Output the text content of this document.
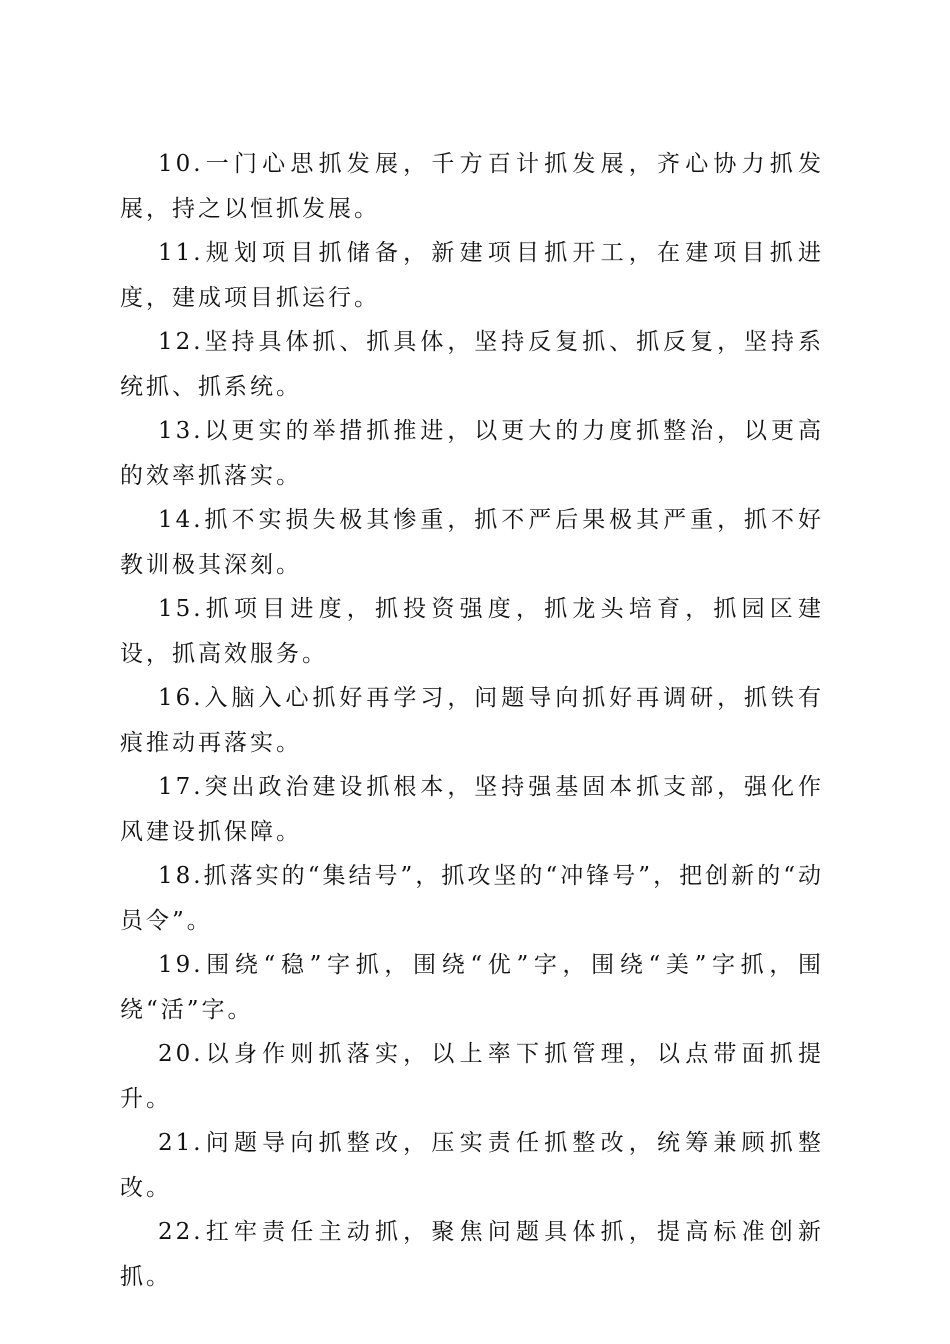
10.一门心思抓发展，千方百计抓发展，齐心协力抓发展，持之以恒抓发展。

11.规划项目抓储备，新建项目抓开工，在建项目抓进度，建成项目抓运行。

12.坚持具体抓、抓具体，坚持反复抓、抓反复，坚持系统抓、抓系统。

13.以更实的举措抓推进，以更大的力度抓整治，以更高的效率抓落实。

14.抓不实损失极其惨重，抓不严后果极其严重，抓不好教训极其深刻。

15.抓项目进度，抓投资强度，抓龙头培育，抓园区建设，抓高效服务。

16.入脑入心抓好再学习，问题导向抓好再调研，抓铁有痕推动再落实。

17.突出政治建设抓根本，坚持强基固本抓支部，强化作风建设抓保障。

18.抓落实的“集结号”，抓攻坚的“冲锋号”，把创新的“动员令”。

19.围绕“稳”字抓，围绕“优”字，围绕“美”字抓，围绕“活”字。

20.以身作则抓落实，以上率下抓管理，以点带面抓提升。

21.问题导向抓整改，压实责任抓整改，统筹兼顾抓整改。

22.扛牢责任主动抓，聚焦问题具体抓，提高标准创新抓。
